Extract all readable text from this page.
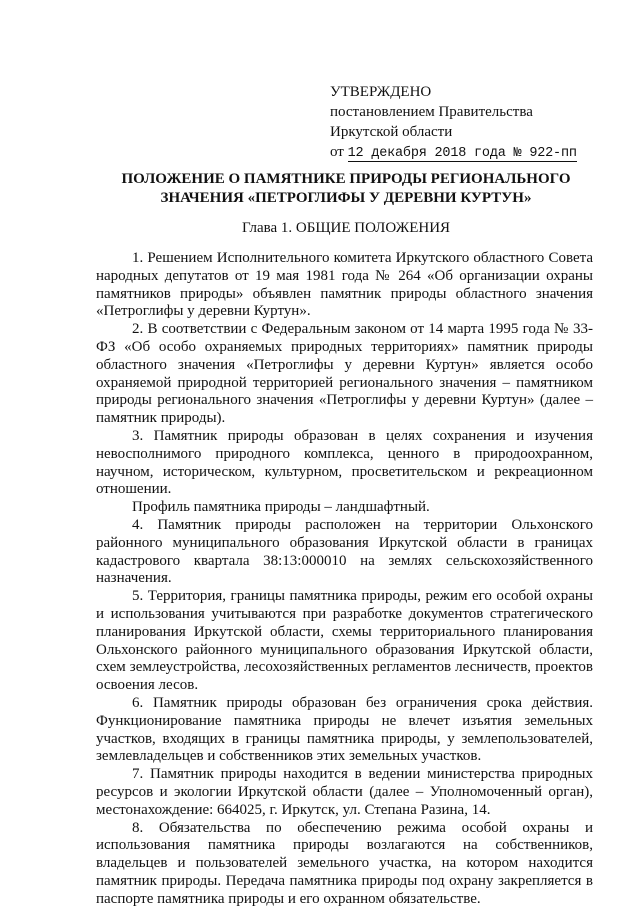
УТВЕРЖДЕНО
постановлением Правительства
Иркутской области
от 12 декабря 2018 года № 922-пп
ПОЛОЖЕНИЕ О ПАМЯТНИКЕ ПРИРОДЫ РЕГИОНАЛЬНОГО
ЗНАЧЕНИЯ «ПЕТРОГЛИФЫ У ДЕРЕВНИ КУРТУН»
Глава 1. ОБЩИЕ ПОЛОЖЕНИЯ

1. Решением Исполнительного комитета Иркутского областного Совета народных депутатов от 19 мая 1981 года № 264 «Об организации охраны памятников природы» объявлен памятник природы областного значения «Петроглифы у деревни Куртун».

2. В соответствии с Федеральным законом от 14 марта 1995 года № 33-ФЗ «Об особо охраняемых природных территориях» памятник природы областного значения «Петроглифы у деревни Куртун» является особо охраняемой природной территорией регионального значения – памятником природы регионального значения «Петроглифы у деревни Куртун» (далее – памятник природы).

3. Памятник природы образован в целях сохранения и изучения невосполнимого природного комплекса, ценного в природоохранном, научном, историческом, культурном, просветительском и рекреационном отношении.

Профиль памятника природы – ландшафтный.

4. Памятник природы расположен на территории Ольхонского районного муниципального образования Иркутской области в границах кадастрового квартала 38:13:000010 на землях сельскохозяйственного назначения.

5. Территория, границы памятника природы, режим его особой охраны и использования учитываются при разработке документов стратегического планирования Иркутской области, схемы территориального планирования Ольхонского районного муниципального образования Иркутской области, схем землеустройства, лесохозяйственных регламентов лесничеств, проектов освоения лесов.

6. Памятник природы образован без ограничения срока действия. Функционирование памятника природы не влечет изъятия земельных участков, входящих в границы памятника природы, у землепользователей, землевладельцев и собственников этих земельных участков.

7. Памятник природы находится в ведении министерства природных ресурсов и экологии Иркутской области (далее – Уполномоченный орган), местонахождение: 664025, г. Иркутск, ул. Степана Разина, 14.

8. Обязательства по обеспечению режима особой охраны и использования памятника природы возлагаются на собственников, владельцев и пользователей земельного участка, на котором находится памятник природы. Передача памятника природы под охрану закрепляется в паспорте памятника природы и его охранном обязательстве.
